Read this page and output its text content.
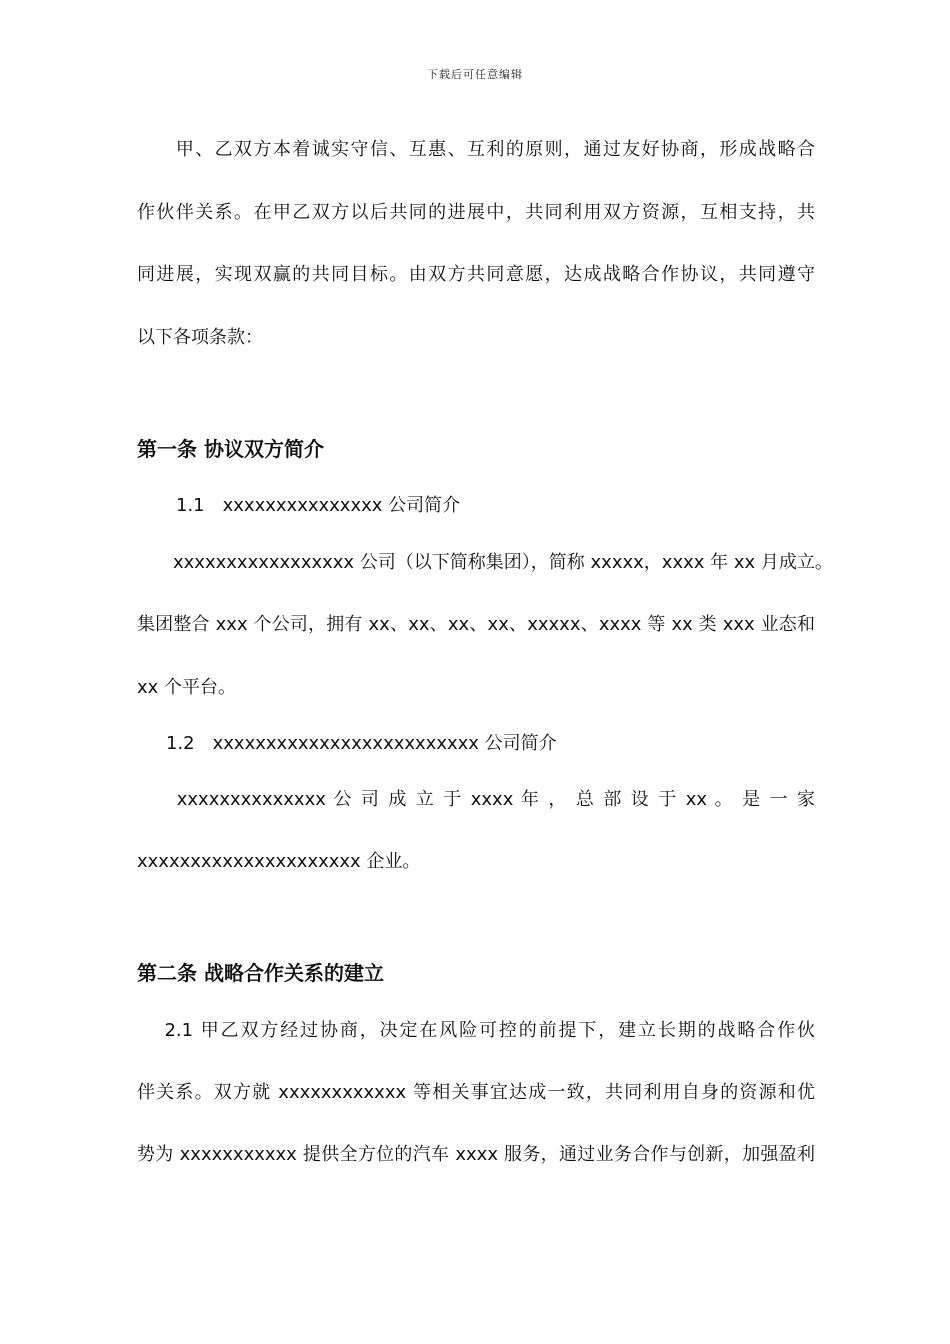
下载后可任意编辑
　　甲、乙双方本着诚实守信、互惠、互利的原则，通过友好协商，形成战略合
作伙伴关系。在甲乙双方以后共同的进展中，共同利用双方资源，互相支持，共
同进展，实现双赢的共同目标。由双方共同意愿，达成战略合作协议，共同遵守
以下各项条款：
第一条 协议双方简介
1.1　xxxxxxxxxxxxxxx 公司简介
　　xxxxxxxxxxxxxxxxx 公司（以下简称集团），简称 xxxxx，xxxx 年 xx 月成立。
集团整合 xxx 个公司，拥有 xx、xx、xx、xx、xxxxx、xxxx 等 xx 类 xxx 业态和
xx 个平台。
1.2　xxxxxxxxxxxxxxxxxxxxxxxxx 公司简介
　　xxxxxxxxxxxxxx 公 司 成 立 于 xxxx 年 ， 总 部 设 于 xx 。 是 一 家
xxxxxxxxxxxxxxxxxxxxx 企业。
第二条 战略合作关系的建立
　 2.1 甲乙双方经过协商，决定在风险可控的前提下，建立长期的战略合作伙
伴关系。双方就 xxxxxxxxxxxx 等相关事宜达成一致，共同利用自身的资源和优
势为 xxxxxxxxxxx 提供全方位的汽车 xxxx 服务，通过业务合作与创新，加强盈利
